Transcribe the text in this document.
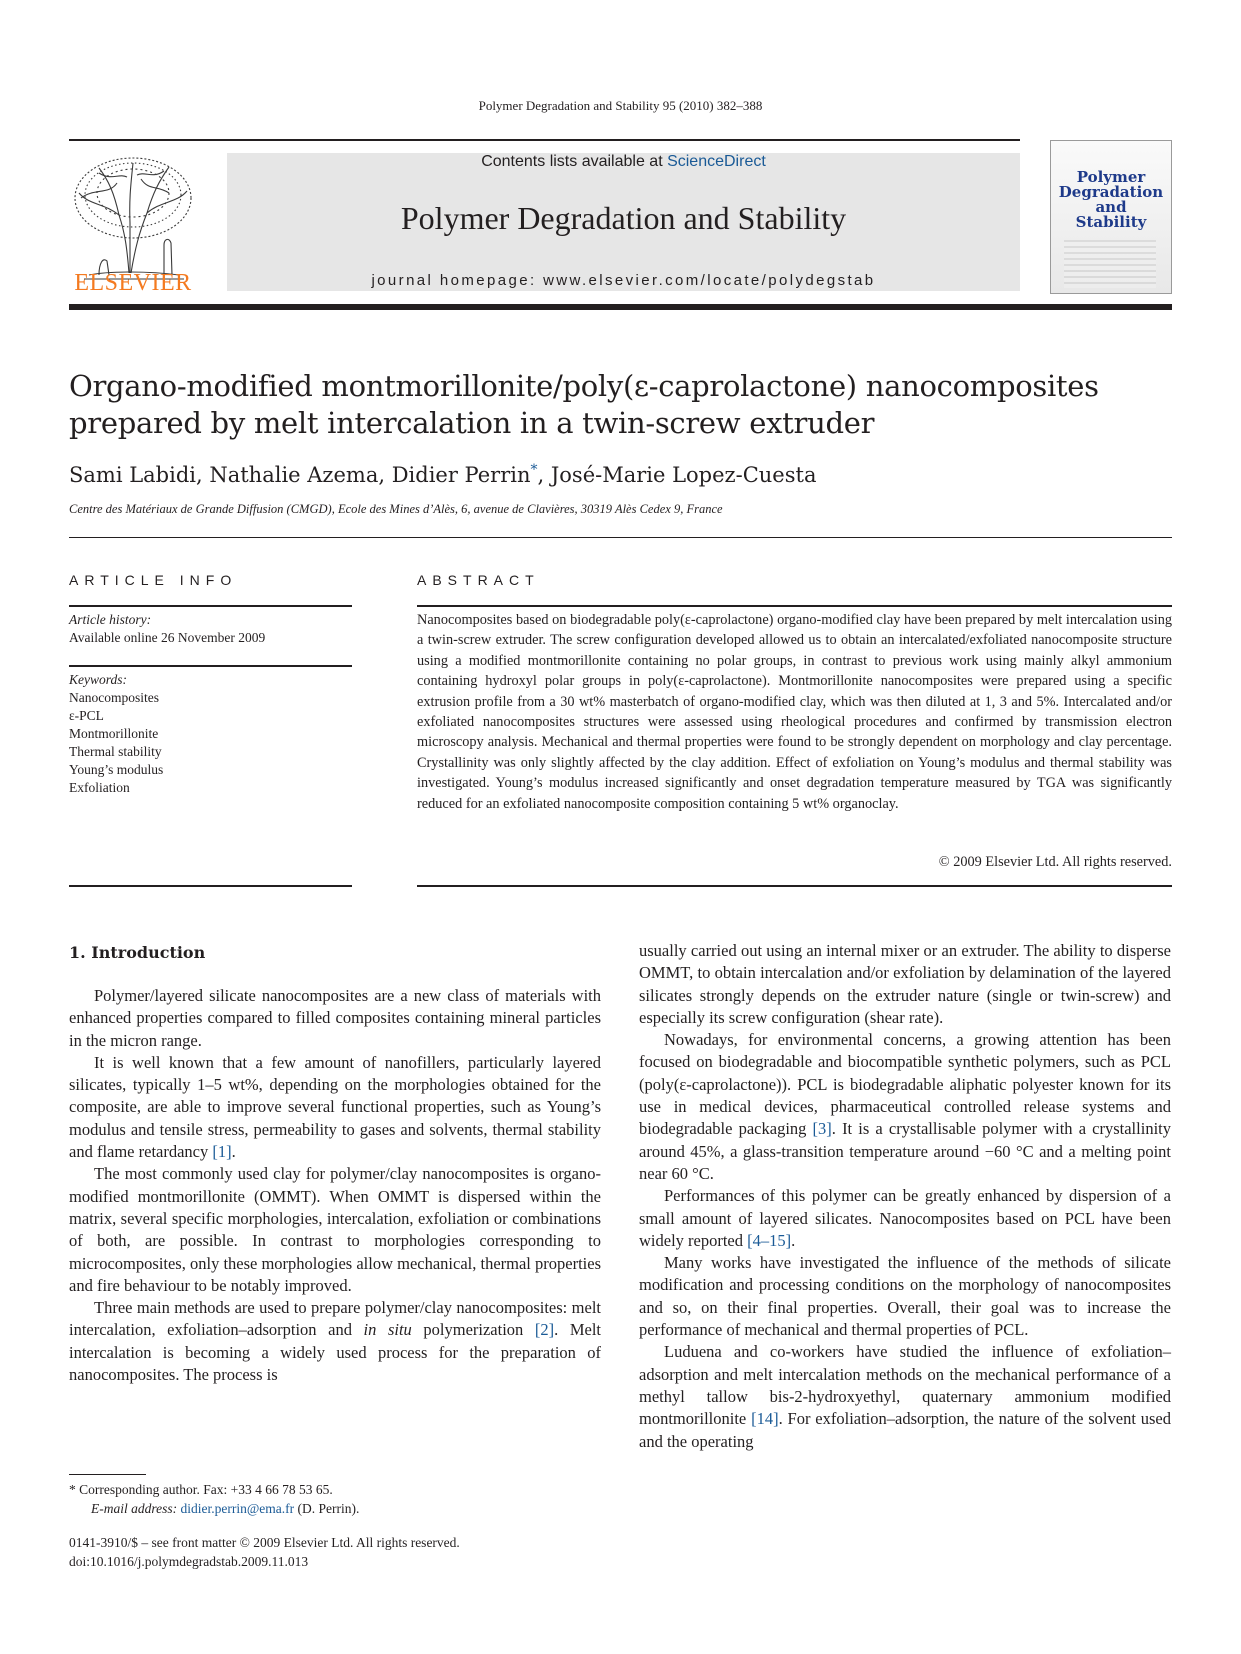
Polymer Degradation and Stability 95 (2010) 382–388
ELSEVIER
Contents lists available at ScienceDirect
Polymer Degradation and Stability
journal homepage: www.elsevier.com/locate/polydegstab
Polymer
Degradation
and
Stability
Organo-modified montmorillonite/poly(ε-caprolactone) nanocomposites
prepared by melt intercalation in a twin-screw extruder
Sami Labidi, Nathalie Azema, Didier Perrin*, José-Marie Lopez-Cuesta
Centre des Matériaux de Grande Diffusion (CMGD), Ecole des Mines d’Alès, 6, avenue de Clavières, 30319 Alès Cedex 9, France
ARTICLE INFO	ABSTRACT
Article history:
Available online 26 November 2009
Keywords:
Nanocomposites
ε-PCL
Montmorillonite
Thermal stability
Young’s modulus
Exfoliation
Nanocomposites based on biodegradable poly(ε-caprolactone) organo-modified clay have been prepared by melt intercalation using a twin-screw extruder. The screw configuration developed allowed us to obtain an intercalated/exfoliated nanocomposite structure using a modified montmorillonite containing no polar groups, in contrast to previous work using mainly alkyl ammonium containing hydroxyl polar groups in poly(ε-caprolactone). Montmorillonite nanocomposites were prepared using a specific extrusion profile from a 30 wt% masterbatch of organo-modified clay, which was then diluted at 1, 3 and 5%. Intercalated and/or exfoliated nanocomposites structures were assessed using rheological procedures and confirmed by transmission electron microscopy analysis. Mechanical and thermal properties were found to be strongly dependent on morphology and clay percentage. Crystallinity was only slightly affected by the clay addition. Effect of exfoliation on Young’s modulus and thermal stability was investigated. Young’s modulus increased significantly and onset degradation temperature measured by TGA was significantly reduced for an exfoliated nanocomposite composition containing 5 wt% organoclay.
© 2009 Elsevier Ltd. All rights reserved.
1. Introduction

Polymer/layered silicate nanocomposites are a new class of materials with enhanced properties compared to filled composites containing mineral particles in the micron range.

It is well known that a few amount of nanofillers, particularly layered silicates, typically 1–5 wt%, depending on the morphologies obtained for the composite, are able to improve several functional properties, such as Young’s modulus and tensile stress, permeability to gases and solvents, thermal stability and flame retardancy [1].

The most commonly used clay for polymer/clay nanocomposites is organo-modified montmorillonite (OMMT). When OMMT is dispersed within the matrix, several specific morphologies, intercalation, exfoliation or combinations of both, are possible. In contrast to morphologies corresponding to microcomposites, only these morphologies allow mechanical, thermal properties and fire behaviour to be notably improved.

Three main methods are used to prepare polymer/clay nanocomposites: melt intercalation, exfoliation–adsorption and in situ polymerization [2]. Melt intercalation is becoming a widely used process for the preparation of nanocomposites. The process is

usually carried out using an internal mixer or an extruder. The ability to disperse OMMT, to obtain intercalation and/or exfoliation by delamination of the layered silicates strongly depends on the extruder nature (single or twin-screw) and especially its screw configuration (shear rate).

Nowadays, for environmental concerns, a growing attention has been focused on biodegradable and biocompatible synthetic polymers, such as PCL (poly(ε-caprolactone)). PCL is biodegradable aliphatic polyester known for its use in medical devices, pharmaceutical controlled release systems and biodegradable packaging [3]. It is a crystallisable polymer with a crystallinity around 45%, a glass-transition temperature around −60 °C and a melting point near 60 °C.

Performances of this polymer can be greatly enhanced by dispersion of a small amount of layered silicates. Nanocomposites based on PCL have been widely reported [4–15].

Many works have investigated the influence of the methods of silicate modification and processing conditions on the morphology of nanocomposites and so, on their final properties. Overall, their goal was to increase the performance of mechanical and thermal properties of PCL.

Luduena and co-workers have studied the influence of exfoliation–adsorption and melt intercalation methods on the mechanical performance of a methyl tallow bis-2-hydroxyethyl, quaternary ammonium modified montmorillonite [14]. For exfoliation–adsorption, the nature of the solvent used and the operating

* Corresponding author. Fax: +33 4 66 78 53 65.
E-mail address: didier.perrin@ema.fr (D. Perrin).
0141-3910/$ – see front matter © 2009 Elsevier Ltd. All rights reserved.
doi:10.1016/j.polymdegradstab.2009.11.013
